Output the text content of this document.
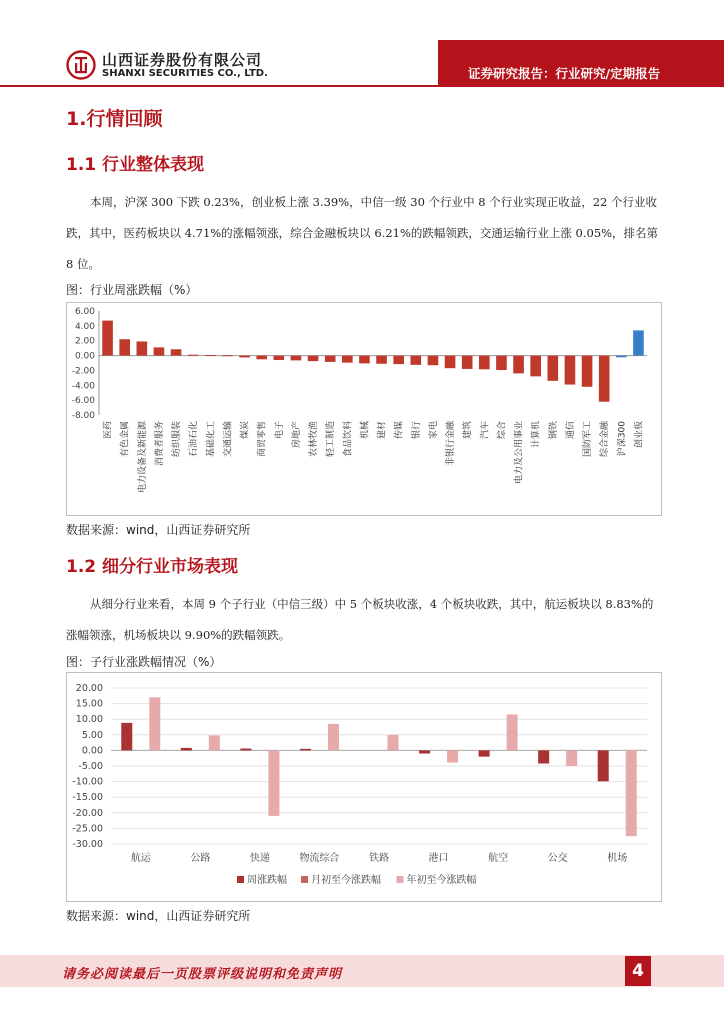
山西证券股份有限公司
SHANXI SECURITIES CO., LTD.	证券研究报告：行业研究/定期报告
1.行情回顾
1.1 行业整体表现
本周，沪深 300 下跌 0.23%，创业板上涨 3.39%，中信一级 30 个行业中 8 个行业实现正收益，22 个行业收跌，其中，医药板块以 4.71%的涨幅领涨，综合金融板块以 6.21%的跌幅领跌，交通运输行业上涨 0.05%，排名第 8 位。
图：行业周涨跌幅（%）
6.00
4.00
2.00
0.00
-2.00
-4.00
-6.00
-8.00
医药 有色金属 电力设备及新能源 消费者服务 纺织服装 石油石化 基础化工 交通运输 煤炭 商贸零售 电子 房地产 农林牧渔 轻工制造 食品饮料 机械 建材 传媒 银行 家电 非银行金融 建筑 汽车 综合 电力及公用事业 计算机 钢铁 通信 国防军工 综合金融 沪深300 创业板
数据来源：wind，山西证券研究所
1.2 细分行业市场表现
从细分行业来看，本周 9 个子行业（中信三级）中 5 个板块收涨，4 个板块收跌，其中，航运板块以 8.83%的涨幅领涨，机场板块以 9.90%的跌幅领跌。
图：子行业涨跌幅情况（%）
20.00
15.00
10.00
5.00
0.00
-5.00
-10.00
-15.00
-20.00
-25.00
-30.00
航运	公路	快递	物流综合	铁路	港口	航空	公交	机场
周涨跌幅 月初至今涨跌幅	年初至今涨跌幅
数据来源：wind，山西证券研究所
请务必阅读最后一页股票评级说明和免责声明	4
